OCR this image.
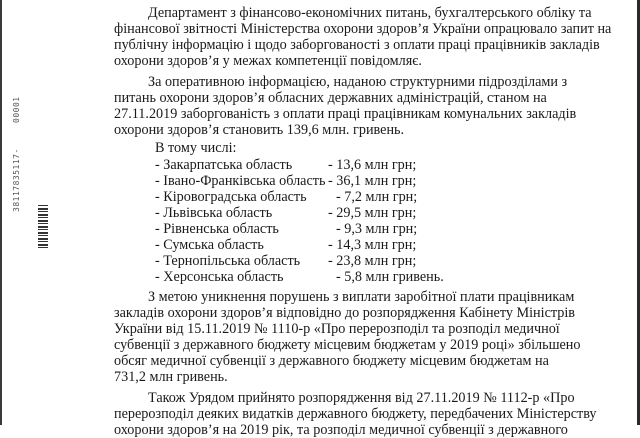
38117835117- 00001
Департамент з фінансово-економічних питань, бухгалтерського обліку та
фінансової звітності Міністерства охорони здоров’я України опрацювало запит на
публічну інформацію і щодо заборгованості з оплати праці працівників закладів
охорони здоров’я у межах компетенції повідомляє.
За оперативною інформацією, наданою структурними підрозділами з
питань охорони здоров’я обласних державних адміністрацій, станом на
27.11.2019 заборгованість з оплати праці працівникам комунальних закладів
охорони здоров’я становить 139,6 млн. гривень.
В тому числі:
- Закарпатська область	- 13,6 млн грн;
- Івано-Франківська область - 36,1 млн грн;
- Кіровоградська область - 7,2 млн грн;
- Львівська область	- 29,5 млн грн;
- Рівненська область	- 9,3 млн грн;
- Сумська область	- 14,3 млн грн;
- Тернопільська область - 23,8 млн грн;
- Херсонська область	- 5,8 млн гривень.
З метою уникнення порушень з виплати заробітної плати працівникам
закладів охорони здоров’я відповідно до розпорядження Кабінету Міністрів
України від 15.11.2019 № 1110-р «Про перерозподіл та розподіл медичної
субвенції з державного бюджету місцевим бюджетам у 2019 році» збільшено
обсяг медичної субвенції з державного бюджету місцевим бюджетам на
731,2 млн гривень.
Також Урядом прийнято розпорядження від 27.11.2019 № 1112-р «Про
перерозподіл деяких видатків державного бюджету, передбачених Міністерству
охорони здоров’я на 2019 рік, та розподіл медичної субвенції з державного
